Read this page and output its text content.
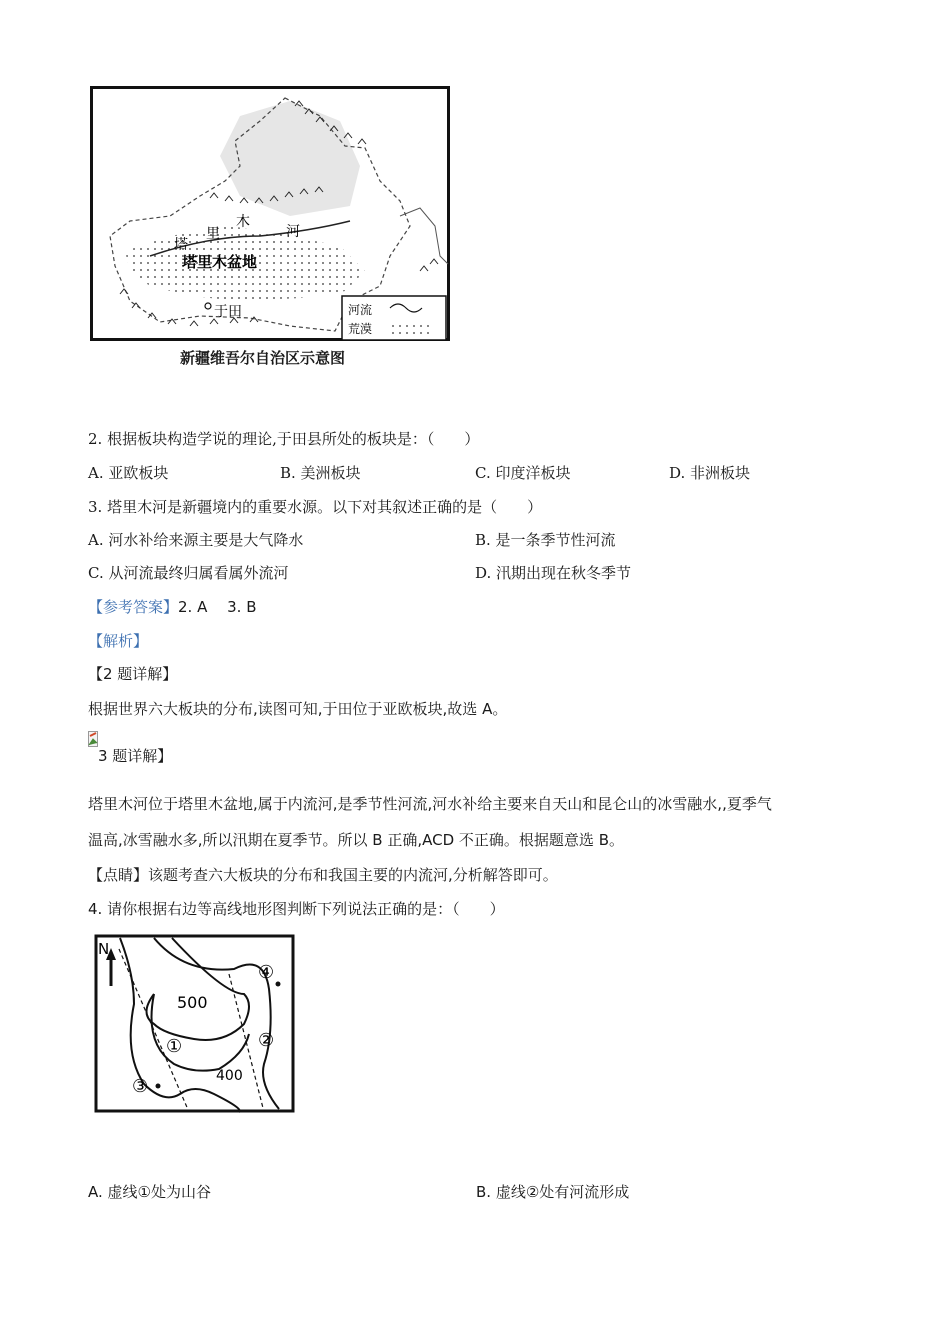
塔
里
木
河
塔里木盆地
于田	河流
荒漠
新疆维吾尔自治区示意图
2. 根据板块构造学说的理论,于田县所处的板块是：（　　）
A. 亚欧板块	B. 美洲板块	C. 印度洋板块	D. 非洲板块
3. 塔里木河是新疆境内的重要水源。以下对其叙述正确的是（　　）
A. 河水补给来源主要是大气降水	B. 是一条季节性河流
C. 从河流最终归属看属外流河	D. 汛期出现在秋冬季节
【参考答案】2. A　 3. B
【解析】
【2 题详解】
根据世界六大板块的分布,读图可知,于田位于亚欧板块,故选 A。
3 题详解】
塔里木河位于塔里木盆地,属于内流河,是季节性河流,河水补给主要来自天山和昆仑山的冰雪融水,,夏季气
温高,冰雪融水多,所以汛期在夏季节。所以 B 正确,ACD 不正确。根据题意选 B。
【点睛】该题考查六大板块的分布和我国主要的内流河,分析解答即可。
4. 请你根据右边等高线地形图判断下列说法正确的是：（　　）
N
500
400
①	②
③
④
A. 虚线①处为山谷	B. 虚线②处有河流形成
